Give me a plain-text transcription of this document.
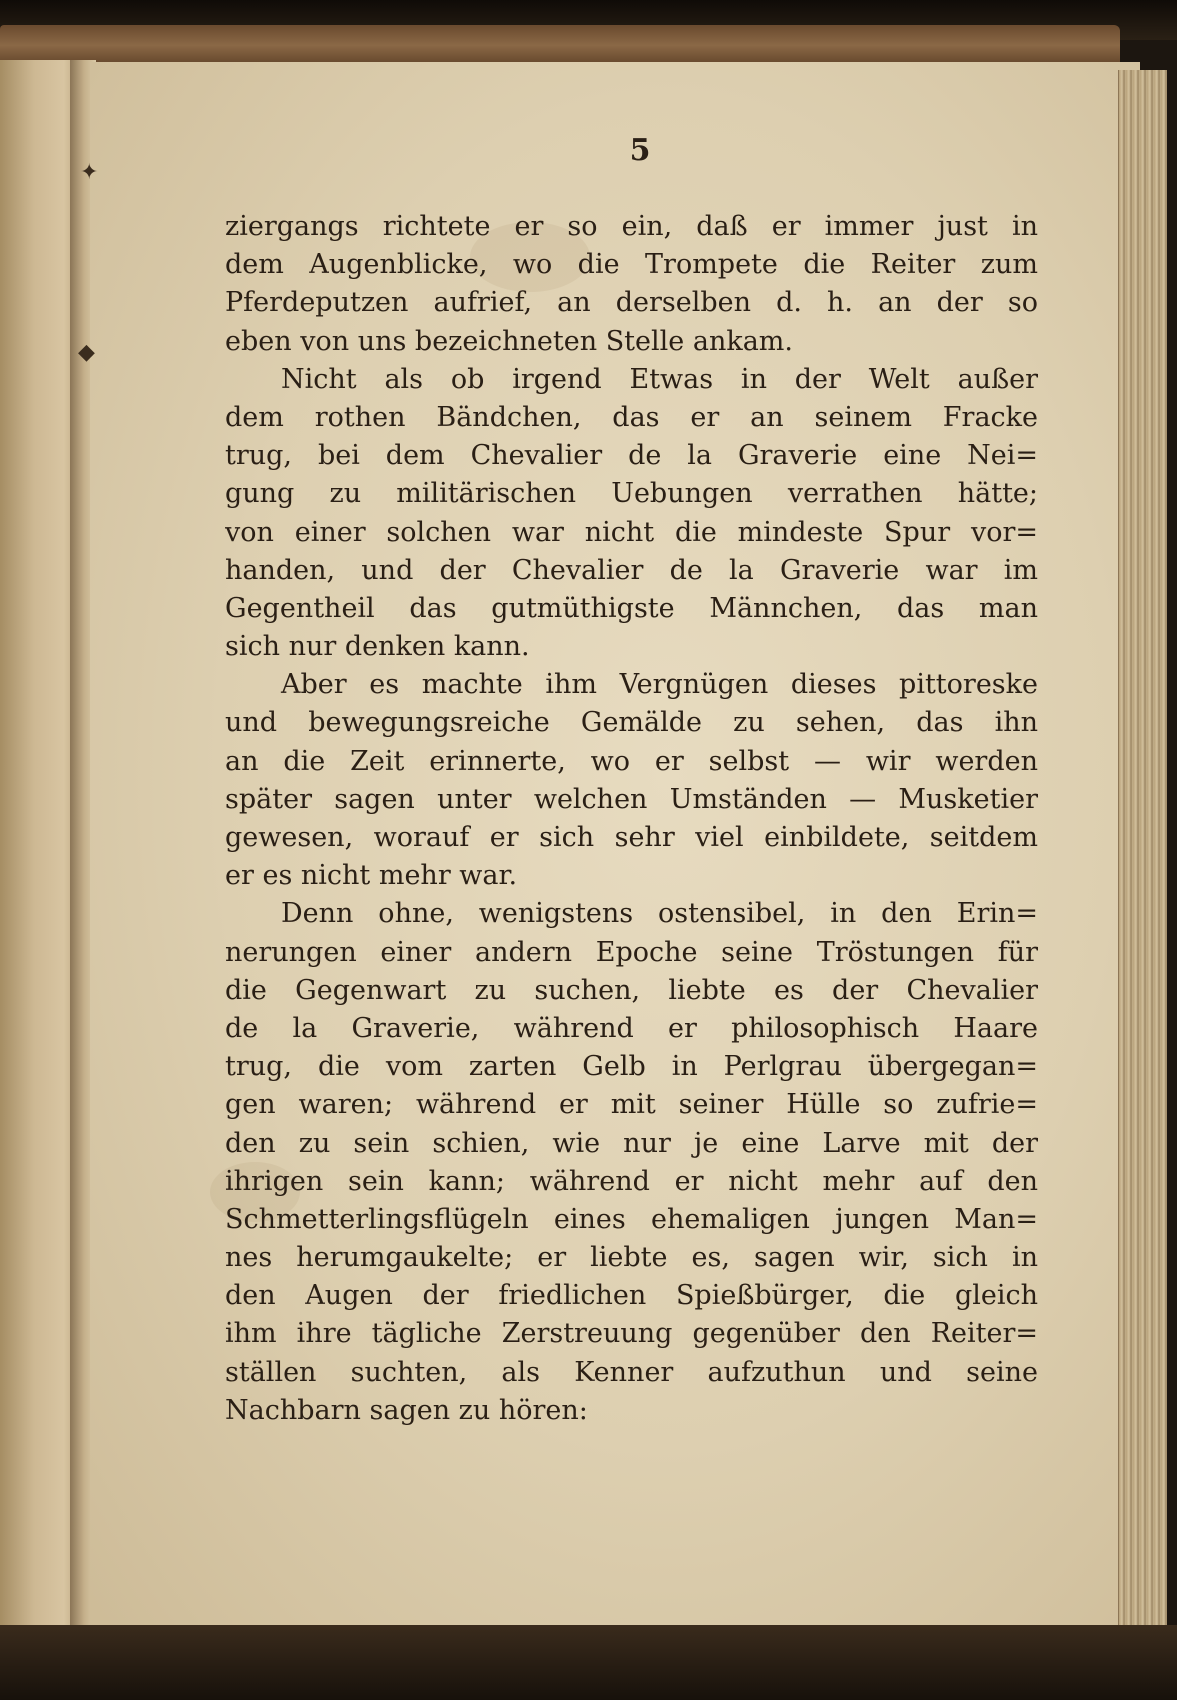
✦
◆
5
ziergangs richtete er so ein, daß er immer just in
dem Augenblicke, wo die Trompete die Reiter zum
Pferdeputzen aufrief, an derselben d. h. an der so
eben von uns bezeichneten Stelle ankam.
Nicht als ob irgend Etwas in der Welt außer
dem rothen Bändchen, das er an seinem Fracke
trug, bei dem Chevalier de la Graverie eine Nei=
gung zu militärischen Uebungen verrathen hätte;
von einer solchen war nicht die mindeste Spur vor=
handen, und der Chevalier de la Graverie war im
Gegentheil das gutmüthigste Männchen, das man
sich nur denken kann.
Aber es machte ihm Vergnügen dieses pittoreske
und bewegungsreiche Gemälde zu sehen, das ihn
an die Zeit erinnerte, wo er selbst — wir werden
später sagen unter welchen Umständen — Musketier
gewesen, worauf er sich sehr viel einbildete, seitdem
er es nicht mehr war.
Denn ohne, wenigstens ostensibel, in den Erin=
nerungen einer andern Epoche seine Tröstungen für
die Gegenwart zu suchen, liebte es der Chevalier
de la Graverie, während er philosophisch Haare
trug, die vom zarten Gelb in Perlgrau übergegan=
gen waren; während er mit seiner Hülle so zufrie=
den zu sein schien, wie nur je eine Larve mit der
ihrigen sein kann; während er nicht mehr auf den
Schmetterlingsflügeln eines ehemaligen jungen Man=
nes herumgaukelte; er liebte es, sagen wir, sich in
den Augen der friedlichen Spießbürger, die gleich
ihm ihre tägliche Zerstreuung gegenüber den Reiter=
ställen suchten, als Kenner aufzuthun und seine
Nachbarn sagen zu hören:
